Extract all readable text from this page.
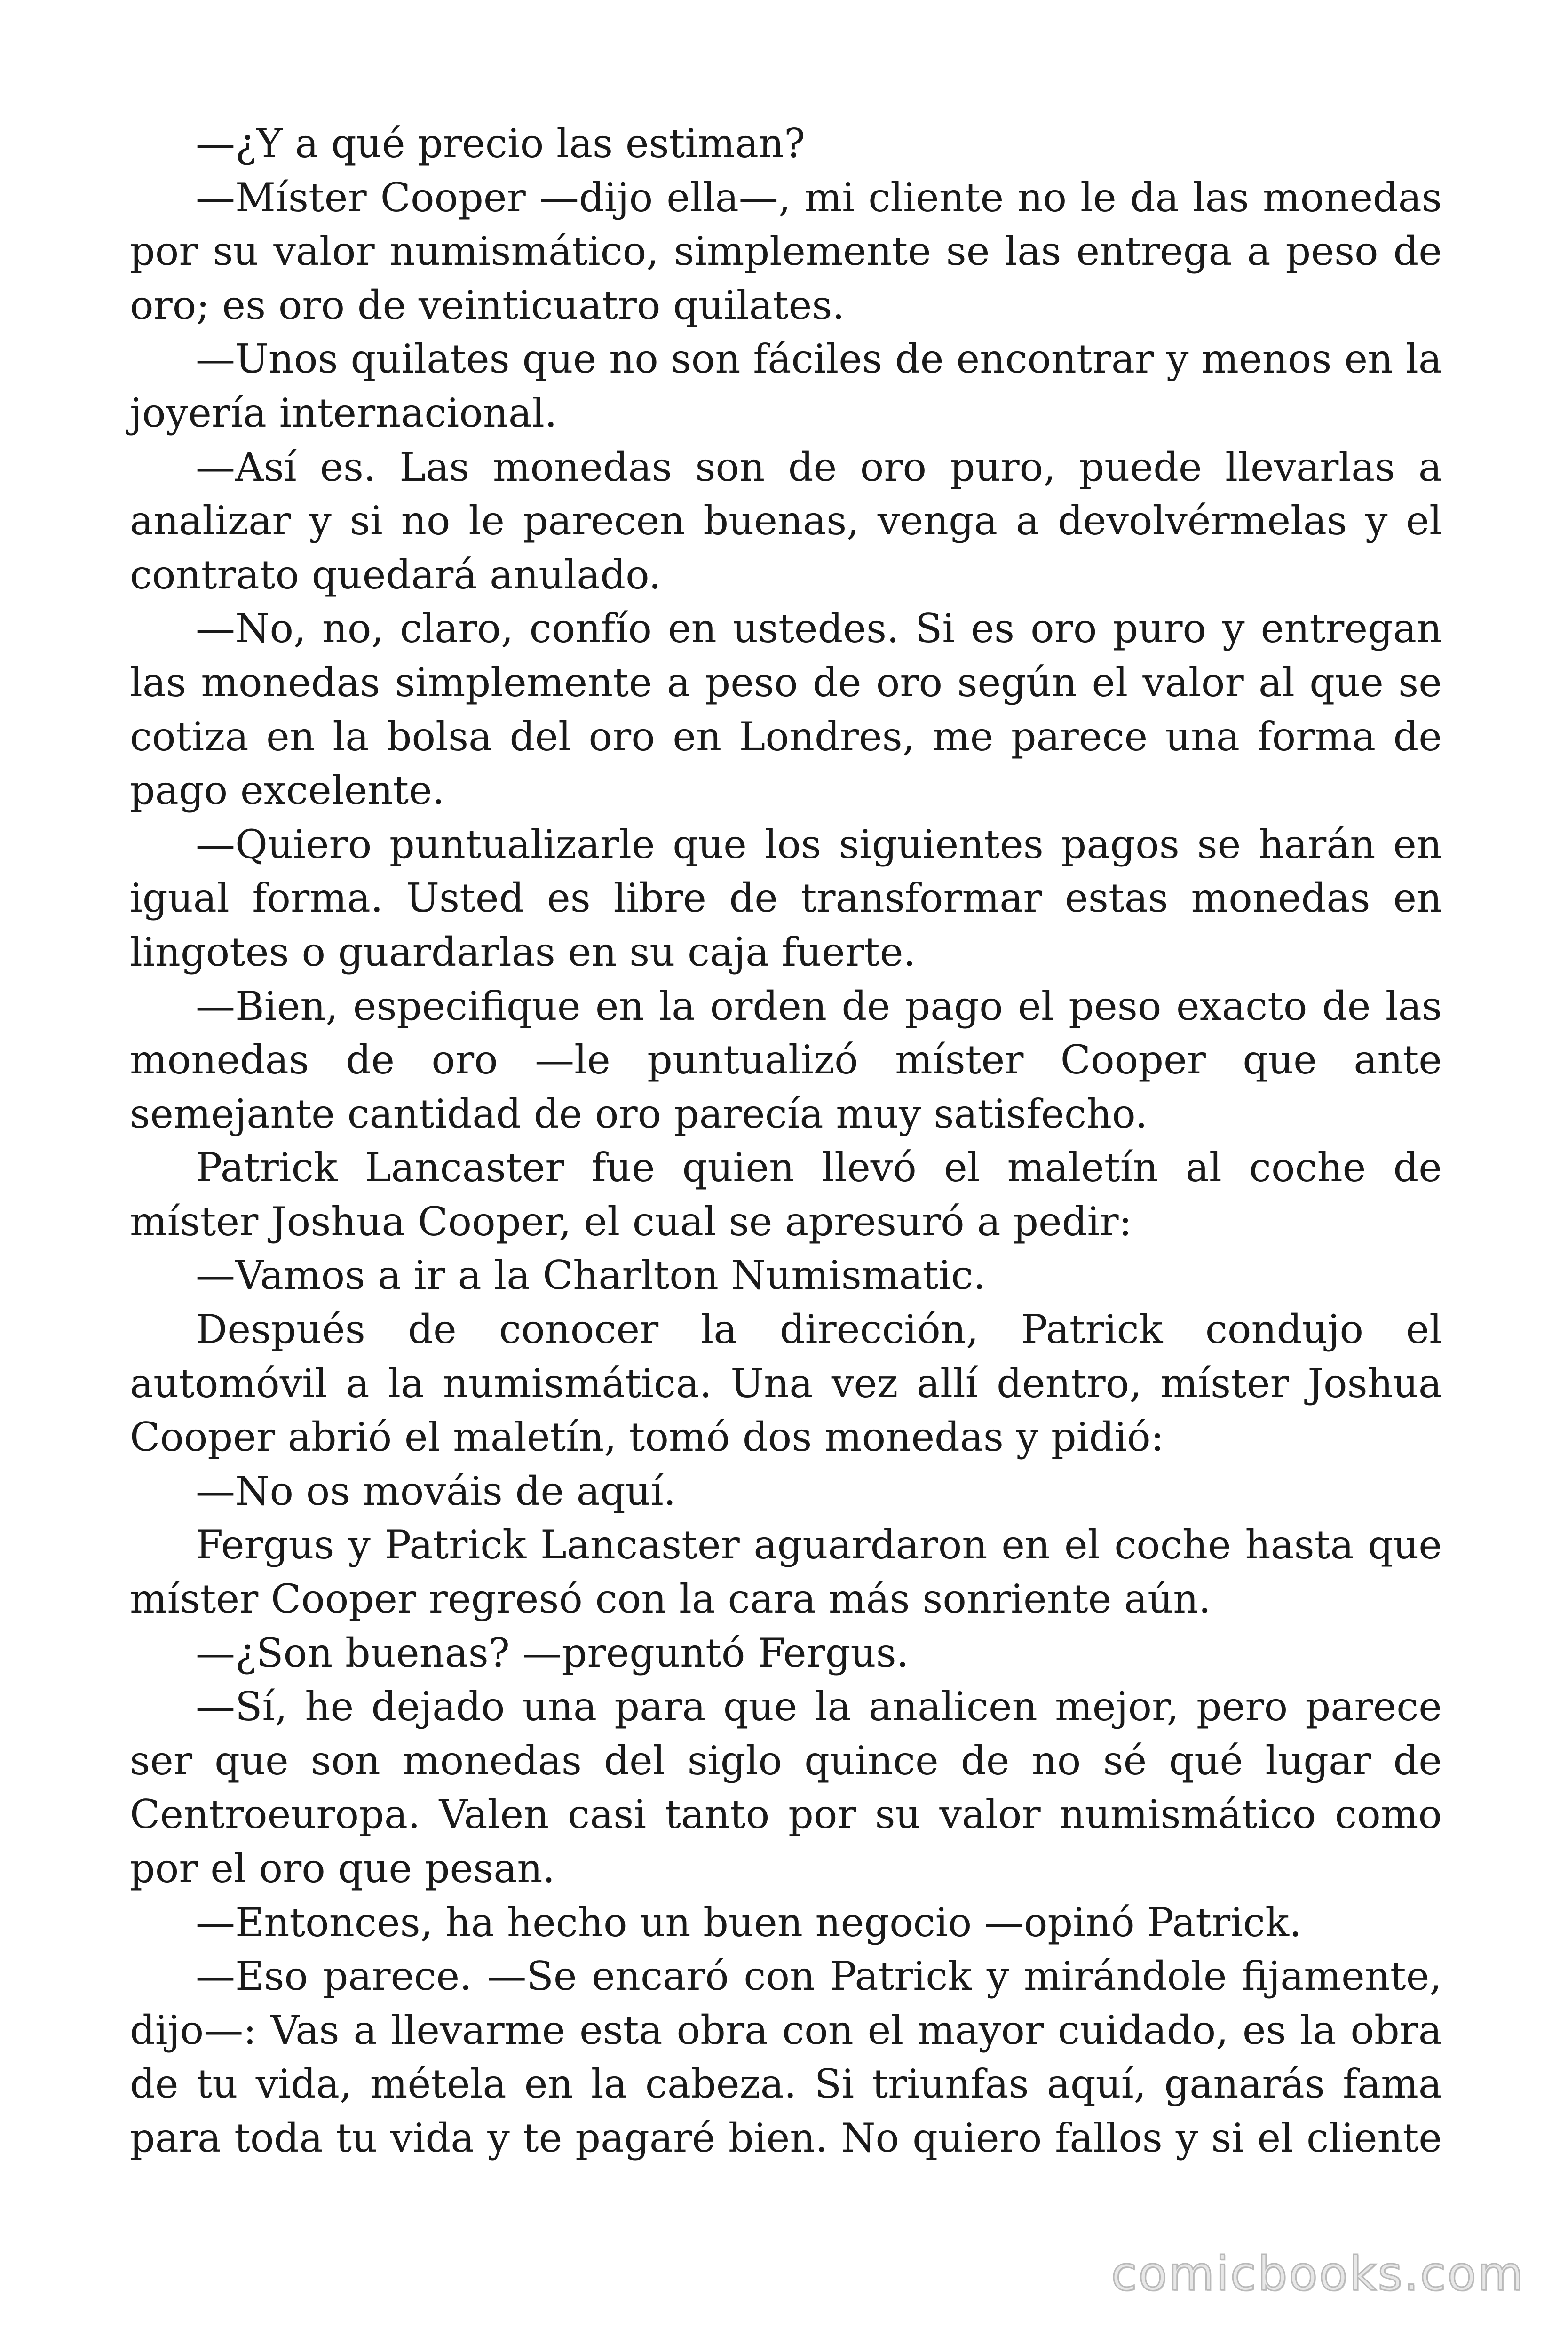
—¿Y a qué precio las estiman?

—Míster Cooper —dijo ella—, mi cliente no le da las monedas por su valor numismático, simplemente se las entrega a peso de oro; es oro de veinticuatro quilates.

—Unos quilates que no son fáciles de encontrar y menos en la joyería internacional.

—Así es. Las monedas son de oro puro, puede llevarlas a analizar y si no le parecen buenas, venga a devolvérmelas y el contrato quedará anulado.

—No, no, claro, confío en ustedes. Si es oro puro y entregan las monedas simplemente a peso de oro según el valor al que se cotiza en la bolsa del oro en Londres, me parece una forma de pago excelente.

—Quiero puntualizarle que los siguientes pagos se harán en igual forma. Usted es libre de transformar estas monedas en lingotes o guardarlas en su caja fuerte.

—Bien, especifique en la orden de pago el peso exacto de las monedas de oro —le puntualizó míster Cooper que ante semejante cantidad de oro parecía muy satisfecho.

Patrick Lancaster fue quien llevó el maletín al coche de míster Joshua Cooper, el cual se apresuró a pedir:

—Vamos a ir a la Charlton Numismatic.

Después de conocer la dirección, Patrick condujo el automóvil a la numismática. Una vez allí dentro, míster Joshua Cooper abrió el maletín, tomó dos monedas y pidió:

—No os mováis de aquí.

Fergus y Patrick Lancaster aguardaron en el coche hasta que míster Cooper regresó con la cara más sonriente aún.

—¿Son buenas? —preguntó Fergus.

—Sí, he dejado una para que la analicen mejor, pero parece ser que son monedas del siglo quince de no sé qué lugar de Centroeuropa. Valen casi tanto por su valor numismático como por el oro que pesan.

—Entonces, ha hecho un buen negocio —opinó Patrick.

—Eso parece. —Se encaró con Patrick y mirándole fijamente, dijo—: Vas a llevarme esta obra con el mayor cuidado, es la obra de tu vida, métela en la cabeza. Si triunfas aquí, ganarás fama para toda tu vida y te pagaré bien. No quiero fallos y si el cliente

comicbooks.com
